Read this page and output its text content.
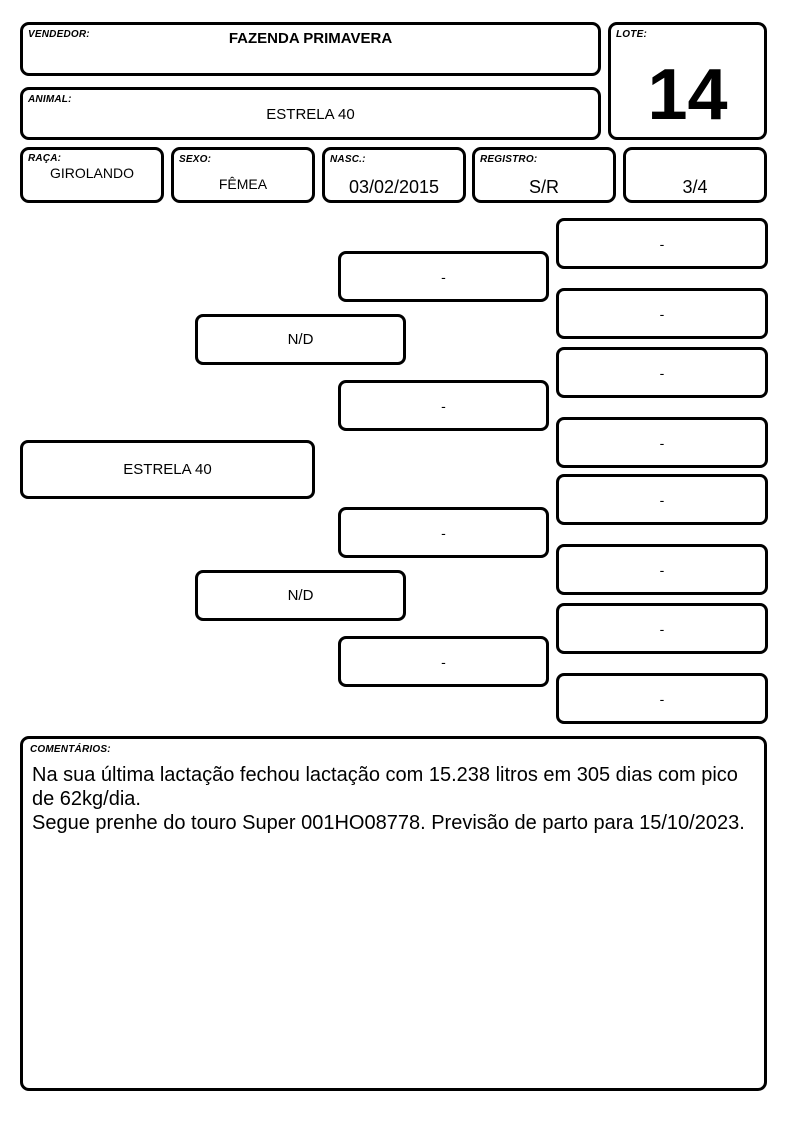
VENDEDOR:	FAZENDA PRIMAVERA	LOTE:
14
ANIMAL:
ESTRELA 40
RAÇA:
GIROLANDO
SEXO:
FÊMEA
NASC.:
03/02/2015
REGISTRO:
S/R	3/4
ESTRELA 40
N/D
N/D
-
-
-
-
-
-
-
-
-
-
-
-
COMENTÁRIOS:
Na sua última lactação fechou lactação com 15.238 litros em 305 dias com pico de 62kg/dia.
Segue prenhe do touro Super 001HO08778. Previsão de parto para 15/10/2023.
